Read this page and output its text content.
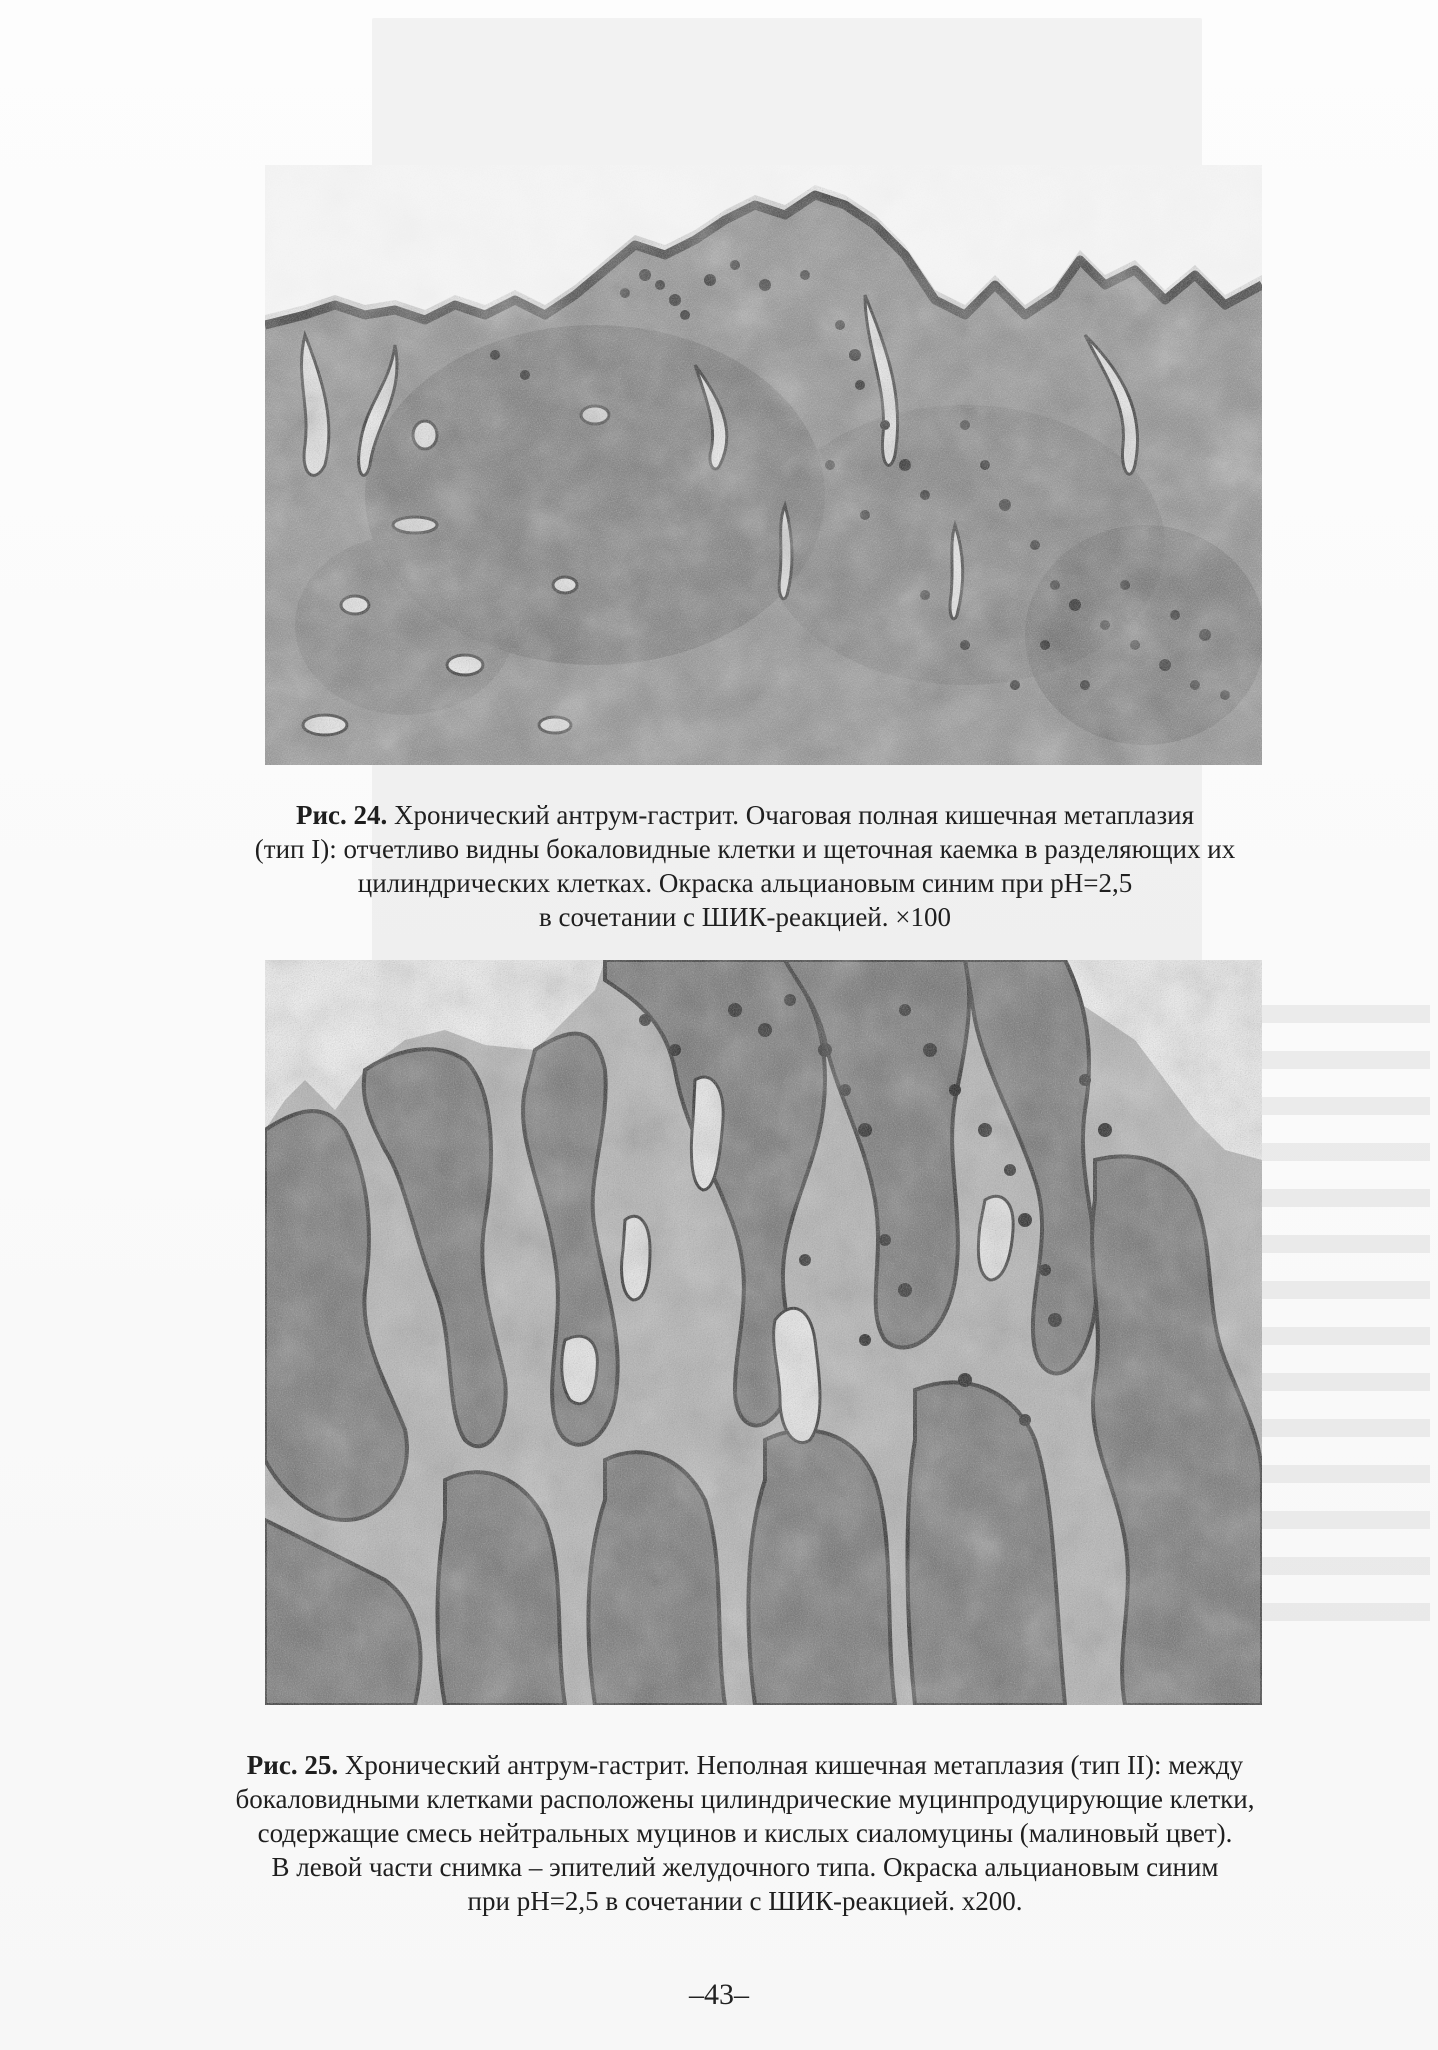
Рис. 24. Хронический антрум-гастрит. Очаговая полная кишечная метаплазия
(тип I): отчетливо видны бокаловидные клетки и щеточная каемка в разделяющих их
цилиндрических клетках. Окраска альциановым синим при pH=2,5
в сочетании с ШИК-реакцией. ×100
Рис. 25. Хронический антрум-гастрит. Неполная кишечная метаплазия (тип II): между
бокаловидными клетками расположены цилиндрические муцинпродуцирующие клетки,
содержащие смесь нейтральных муцинов и кислых сиаломуцины (малиновый цвет).
В левой части снимка – эпителий желудочного типа. Окраска альциановым синим
при pH=2,5 в сочетании с ШИК-реакцией. х200.
–43–
